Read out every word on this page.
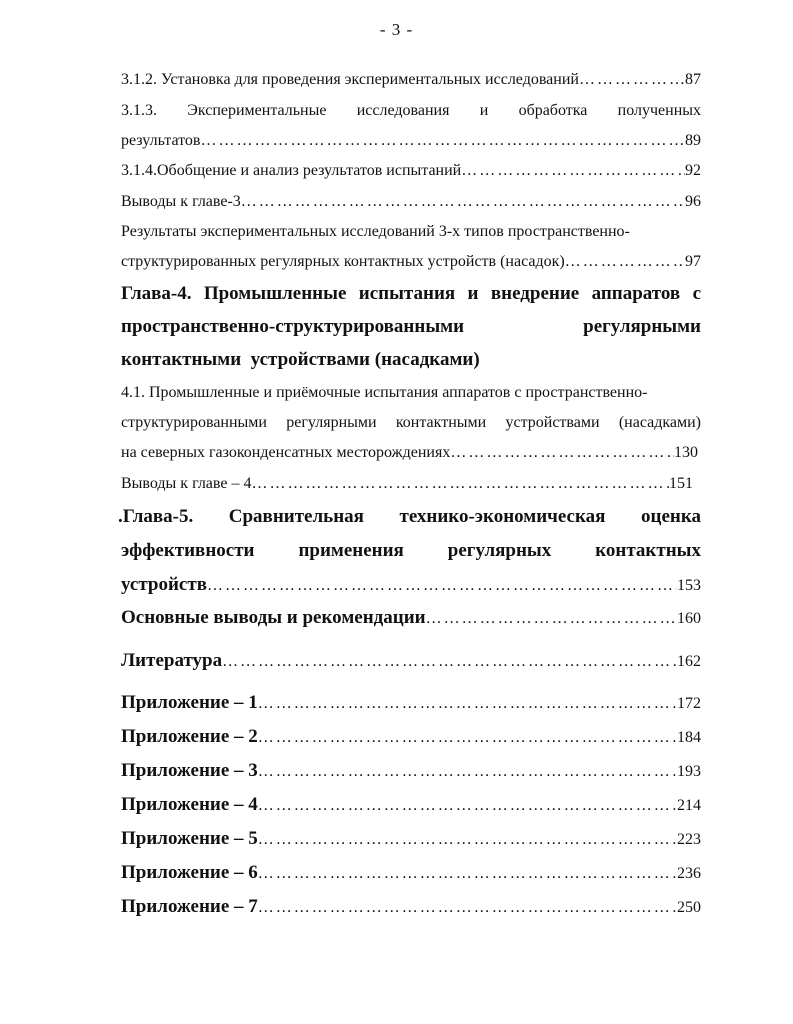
- 3 -
3.1.2. Установка для проведения экспериментальных исследований ………………………………………………………………………………………………………………………………………………………………………………	87
3.1.3. Экспериментальные исследования и обработка полученных
результатов ………………………………………………………………………………………………………………………………………………………………………………	89
3.1.4.Обобщение и анализ результатов испытаний ………………………………………………………………………………………………………………………………………………………………………………	92
Выводы к главе-3 ………………………………………………………………………………………………………………………………………………………………………………	96
Результаты экспериментальных исследований 3-х типов пространственно-
структурированных регулярных контактных устройств (насадок) ………………………………………………………………………………………………………………………………………………………………………………	97
Глава-4. Промышленные испытания и внедрение аппаратов с
пространственно-структурированными регулярными
контактными  устройствами (насадками)
4.1. Промышленные и приёмочные испытания аппаратов с пространственно-
структурированными регулярными контактными устройствами (насадками)
на северных газоконденсатных месторождениях ………………………………………………………………………………………………………………………………………………………………………………	130
Выводы к главе – 4 ………………………………………………………………………………………………………………………………………………………………………………	151
.Глава-5. Сравнительная технико-экономическая оценка
эффективности применения регулярных контактных
устройств ………………………………………………………………………………………………………………………………………………………………………………	153
Основные выводы и рекомендации ………………………………………………………………………………………………………………………………………………………………………………	160
Литература ………………………………………………………………………………………………………………………………………………………………………………	162
Приложение – 1 ………………………………………………………………………………………………………………………………………………………………………………	172
Приложение – 2 ………………………………………………………………………………………………………………………………………………………………………………	184
Приложение – 3 ………………………………………………………………………………………………………………………………………………………………………………	193
Приложение – 4 ………………………………………………………………………………………………………………………………………………………………………………	214
Приложение – 5 ………………………………………………………………………………………………………………………………………………………………………………	223
Приложение – 6 ………………………………………………………………………………………………………………………………………………………………………………	236
Приложение – 7 ………………………………………………………………………………………………………………………………………………………………………………	250
